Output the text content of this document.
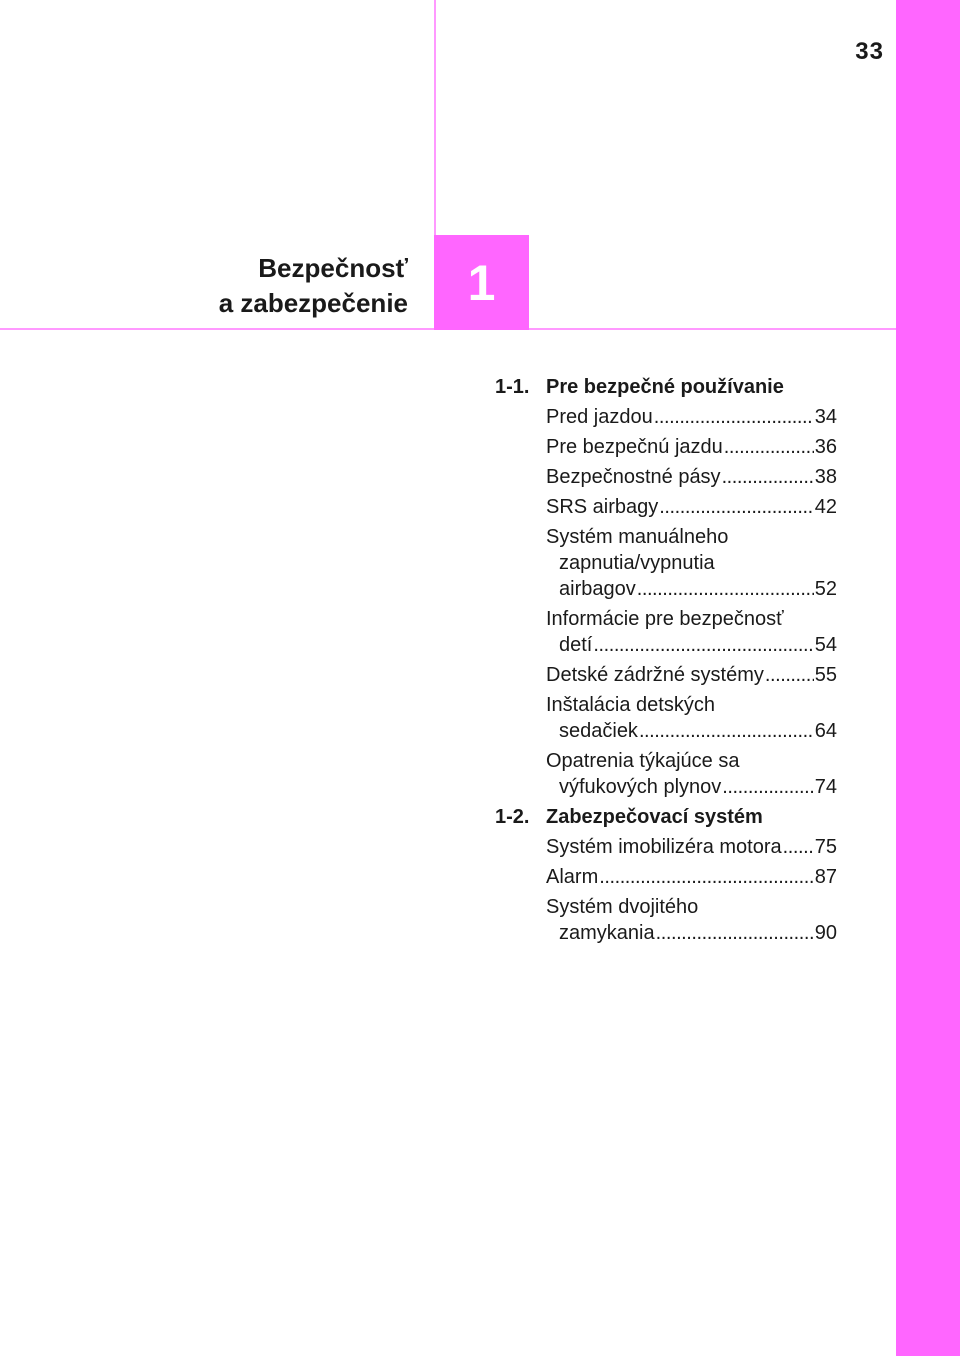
33
1
Bezpečnosť
a zabezpečenie
1-1. Pre bezpečné používanie
Pred jazdou . . .	34
Pre bezpečnú jazdu . . .	36
Bezpečnostné pásy . . .	38
SRS airbagy . . .	42
Systém manuálneho
zapnutia/vypnutia
airbagov . . .	52
Informácie pre bezpečnosť
detí . . .	54
Detské zádržné systémy . . .	55
Inštalácia detských
sedačiek . . .	64
Opatrenia týkajúce sa
výfukových plynov . . .	74
1-2. Zabezpečovací systém
Systém imobilizéra motora . . . 75
Alarm . . .	87
Systém dvojitého
zamykania . . .	90
